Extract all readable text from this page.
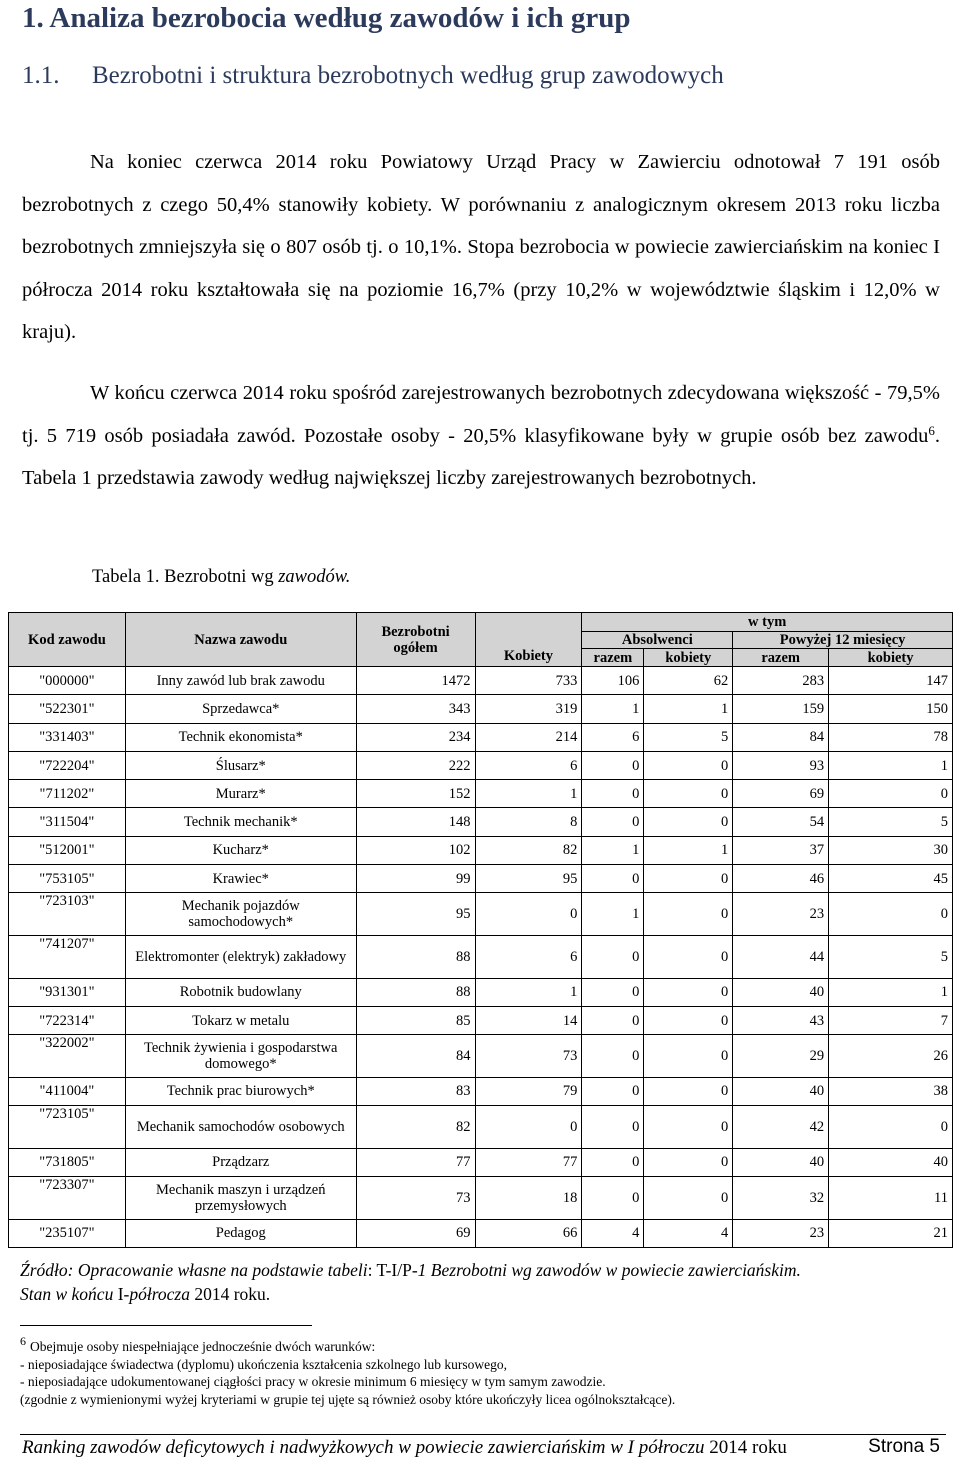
1. Analiza bezrobocia według zawodów i ich grup
1.1. Bezrobotni i struktura bezrobotnych według grup zawodowych
Na koniec czerwca 2014 roku Powiatowy Urząd Pracy w Zawierciu odnotował 7 191 osób bezrobotnych z czego 50,4% stanowiły kobiety. W porównaniu z analogicznym okresem 2013 roku liczba bezrobotnych zmniejszyła się o 807 osób tj. o 10,1%. Stopa bezrobocia w powiecie zawierciańskim na koniec I półrocza 2014 roku kształtowała się na poziomie 16,7% (przy 10,2% w województwie śląskim i 12,0% w kraju).
W końcu czerwca 2014 roku spośród zarejestrowanych bezrobotnych zdecydowana większość - 79,5% tj. 5 719 osób posiadała zawód. Pozostałe osoby - 20,5% klasyfikowane były w grupie osób bez zawodu$^6$. Tabela 1 przedstawia zawody według największej liczby zarejestrowanych bezrobotnych.
Tabela 1. Bezrobotni wg zawodów.
Kod zawodu	Nazwa zawodu	Bezrobotni ogółem	Kobiety	w tym			
				Absolwenci		Powyżej 12 miesięcy	
				razem	kobiety	razem	kobiety
"000000"	Inny zawód lub brak zawodu	1472	733	106	62	283	147
"522301"	Sprzedawca*	343	319	1	1	159	150
"331403"	Technik ekonomista*	234	214	6	5	84	78
"722204"	Ślusarz*	222	6	0	0	93	1
"711202"	Murarz*	152	1	0	0	69	0
"311504"	Technik mechanik*	148	8	0	0	54	5
"512001"	Kucharz*	102	82	1	1	37	30
"753105"	Krawiec*	99	95	0	0	46	45
"723103"	Mechanik pojazdów samochodowych*	95	0	1	0	23	0
"741207"	Elektromonter (elektryk) zakładowy	88	6	0	0	44	5
"931301"	Robotnik budowlany	88	1	0	0	40	1
"722314"	Tokarz w metalu	85	14	0	0	43	7
"322002"	Technik żywienia i gospodarstwa domowego*	84	73	0	0	29	26
"411004"	Technik prac biurowych*	83	79	0	0	40	38
"723105"	Mechanik samochodów osobowych	82	0	0	0	42	0
"731805"	Prządzarz	77	77	0	0	40	40
"723307"	Mechanik maszyn i urządzeń przemysłowych	73	18	0	0	32	11
"235107"	Pedagog	69	66	4	4	23	21
Źródło: Opracowanie własne na podstawie tabeli: T-I/P-1 Bezrobotni wg zawodów w powiecie zawierciańskim. Stan w końcu I-półrocza 2014 roku.
6 Obejmuje osoby niespełniające jednocześnie dwóch warunków:
- nieposiadające świadectwa (dyplomu) ukończenia kształcenia szkolnego lub kursowego,
- nieposiadające udokumentowanej ciągłości pracy w okresie minimum 6 miesięcy w tym samym zawodzie.
(zgodnie z wymienionymi wyżej kryteriami w grupie tej ujęte są również osoby które ukończyły licea ogólnokształcące).
Ranking zawodów deficytowych i nadwyżkowych w powiecie zawierciańskim w I półroczu 2014 roku	Strona 5
